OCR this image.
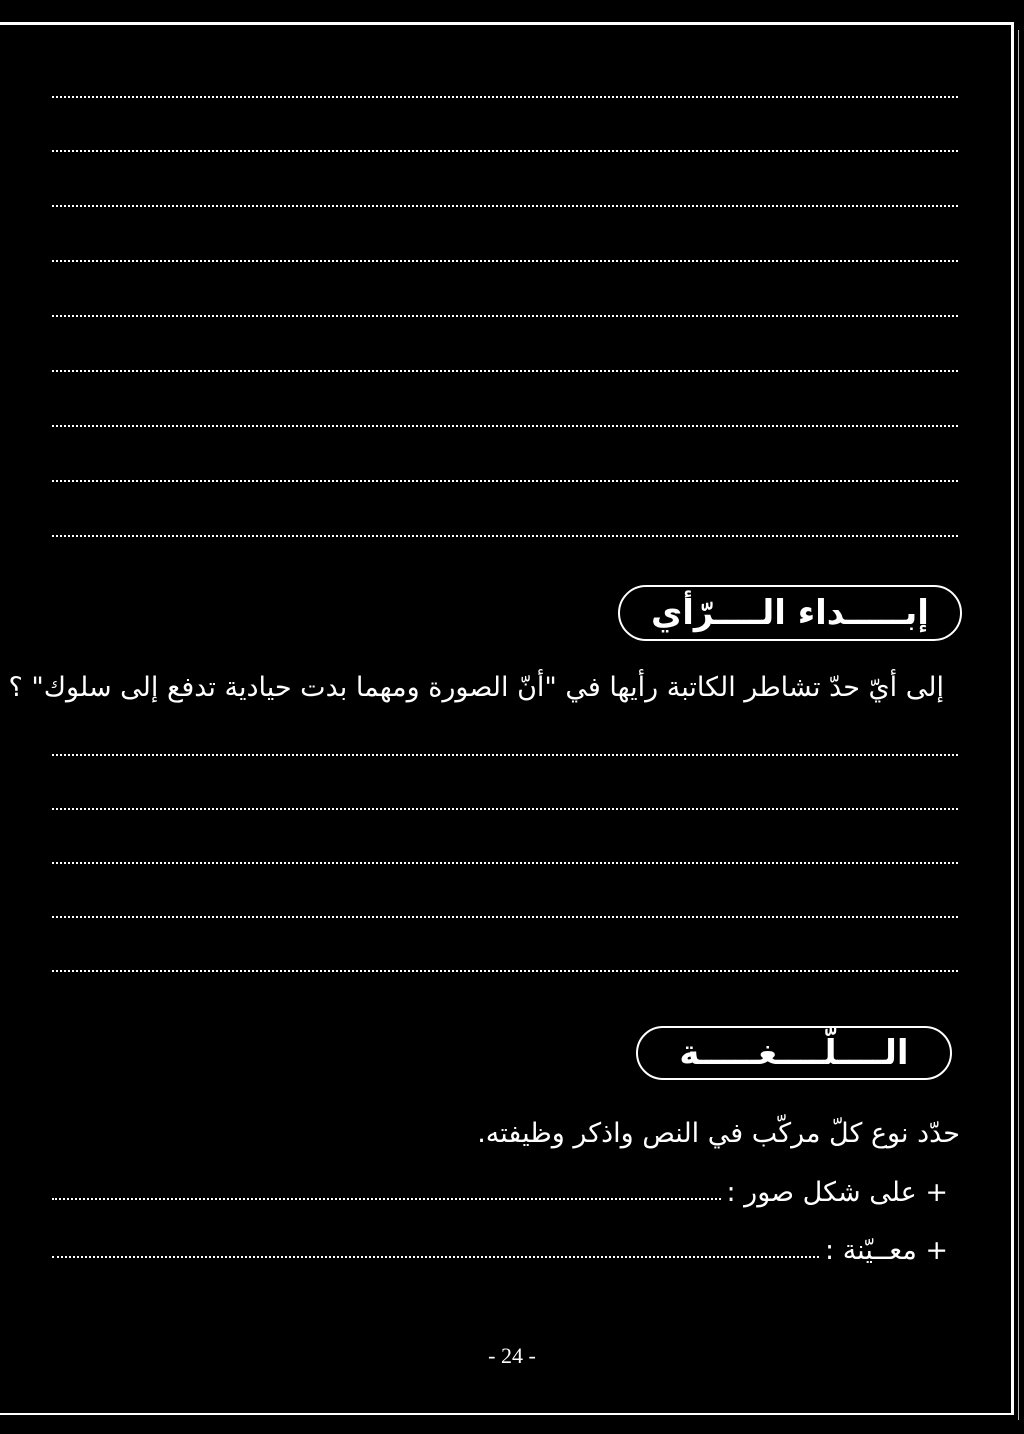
إبـــــداء الــــرّأي
إلى أيّ حدّ تشاطر الكاتبة رأيها في "أنّ الصورة ومهما بدت حيادية تدفع إلى سلوك" ؟
الــــلّــــغـــــة
حدّد نوع كلّ مركّب في النص واذكر وظيفته.
+ على شكل صور :
+ معــيّنة :
- 24 -
